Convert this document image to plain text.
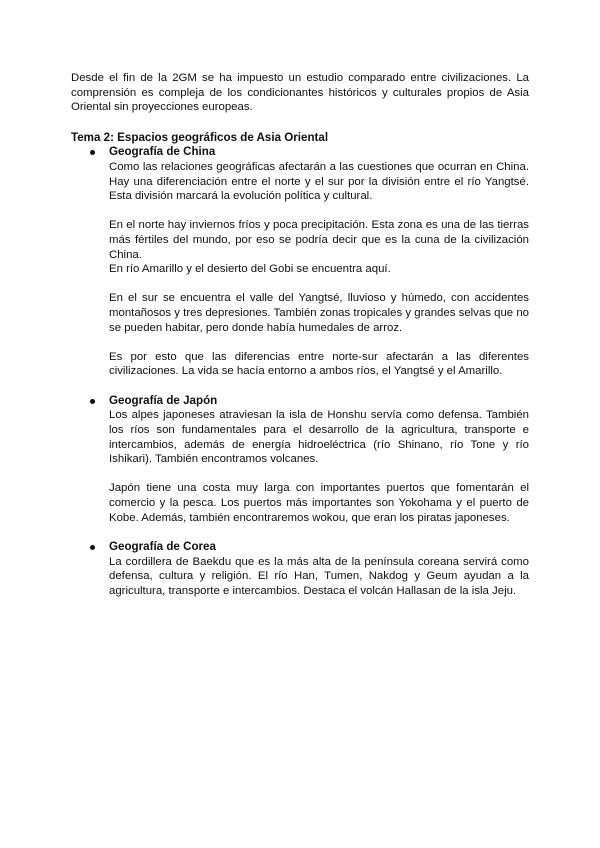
Desde el fin de la 2GM se ha impuesto un estudio comparado entre civilizaciones. La comprensión es compleja de los condicionantes históricos y culturales propios de Asia Oriental sin proyecciones europeas.

Tema 2: Espacios geográficos de Asia Oriental
Geografía de China

Como las relaciones geográficas afectarán a las cuestiones que ocurran en China. Hay una diferenciación entre el norte y el sur por la división entre el río Yangtsé. Esta división marcará la evolución política y cultural.

En el norte hay inviernos fríos y poca precipitación. Esta zona es una de las tierras más fértiles del mundo, por eso se podría decir que es la cuna de la civilización China.

En río Amarillo y el desierto del Gobi se encuentra aquí.

En el sur se encuentra el valle del Yangtsé, lluvioso y húmedo, con accidentes montañosos y tres depresiones. También zonas tropicales y grandes selvas que no se pueden habitar, pero donde había humedales de arroz.

Es por esto que las diferencias entre norte-sur afectarán a las diferentes civilizaciones. La vida se hacía entorno a ambos ríos, el Yangtsé y el Amarillo.

Geografía de Japón

Los alpes japoneses atraviesan la isla de Honshu servía como defensa. También los ríos son fundamentales para el desarrollo de la agricultura, transporte e intercambios, además de energía hidroeléctrica (río Shinano, río Tone y río Ishikari). También encontramos volcanes.

Japón tiene una costa muy larga con importantes puertos que fomentarán el comercio y la pesca. Los puertos más importantes son Yokohama y el puerto de Kobe. Además, también encontraremos wokou, que eran los piratas japoneses.

Geografía de Corea

La cordillera de Baekdu que es la más alta de la península coreana servirá como defensa, cultura y religión. El río Han, Tumen, Nakdog y Geum ayudan a la agricultura, transporte e intercambios. Destaca el volcán Hallasan de la isla Jeju.
